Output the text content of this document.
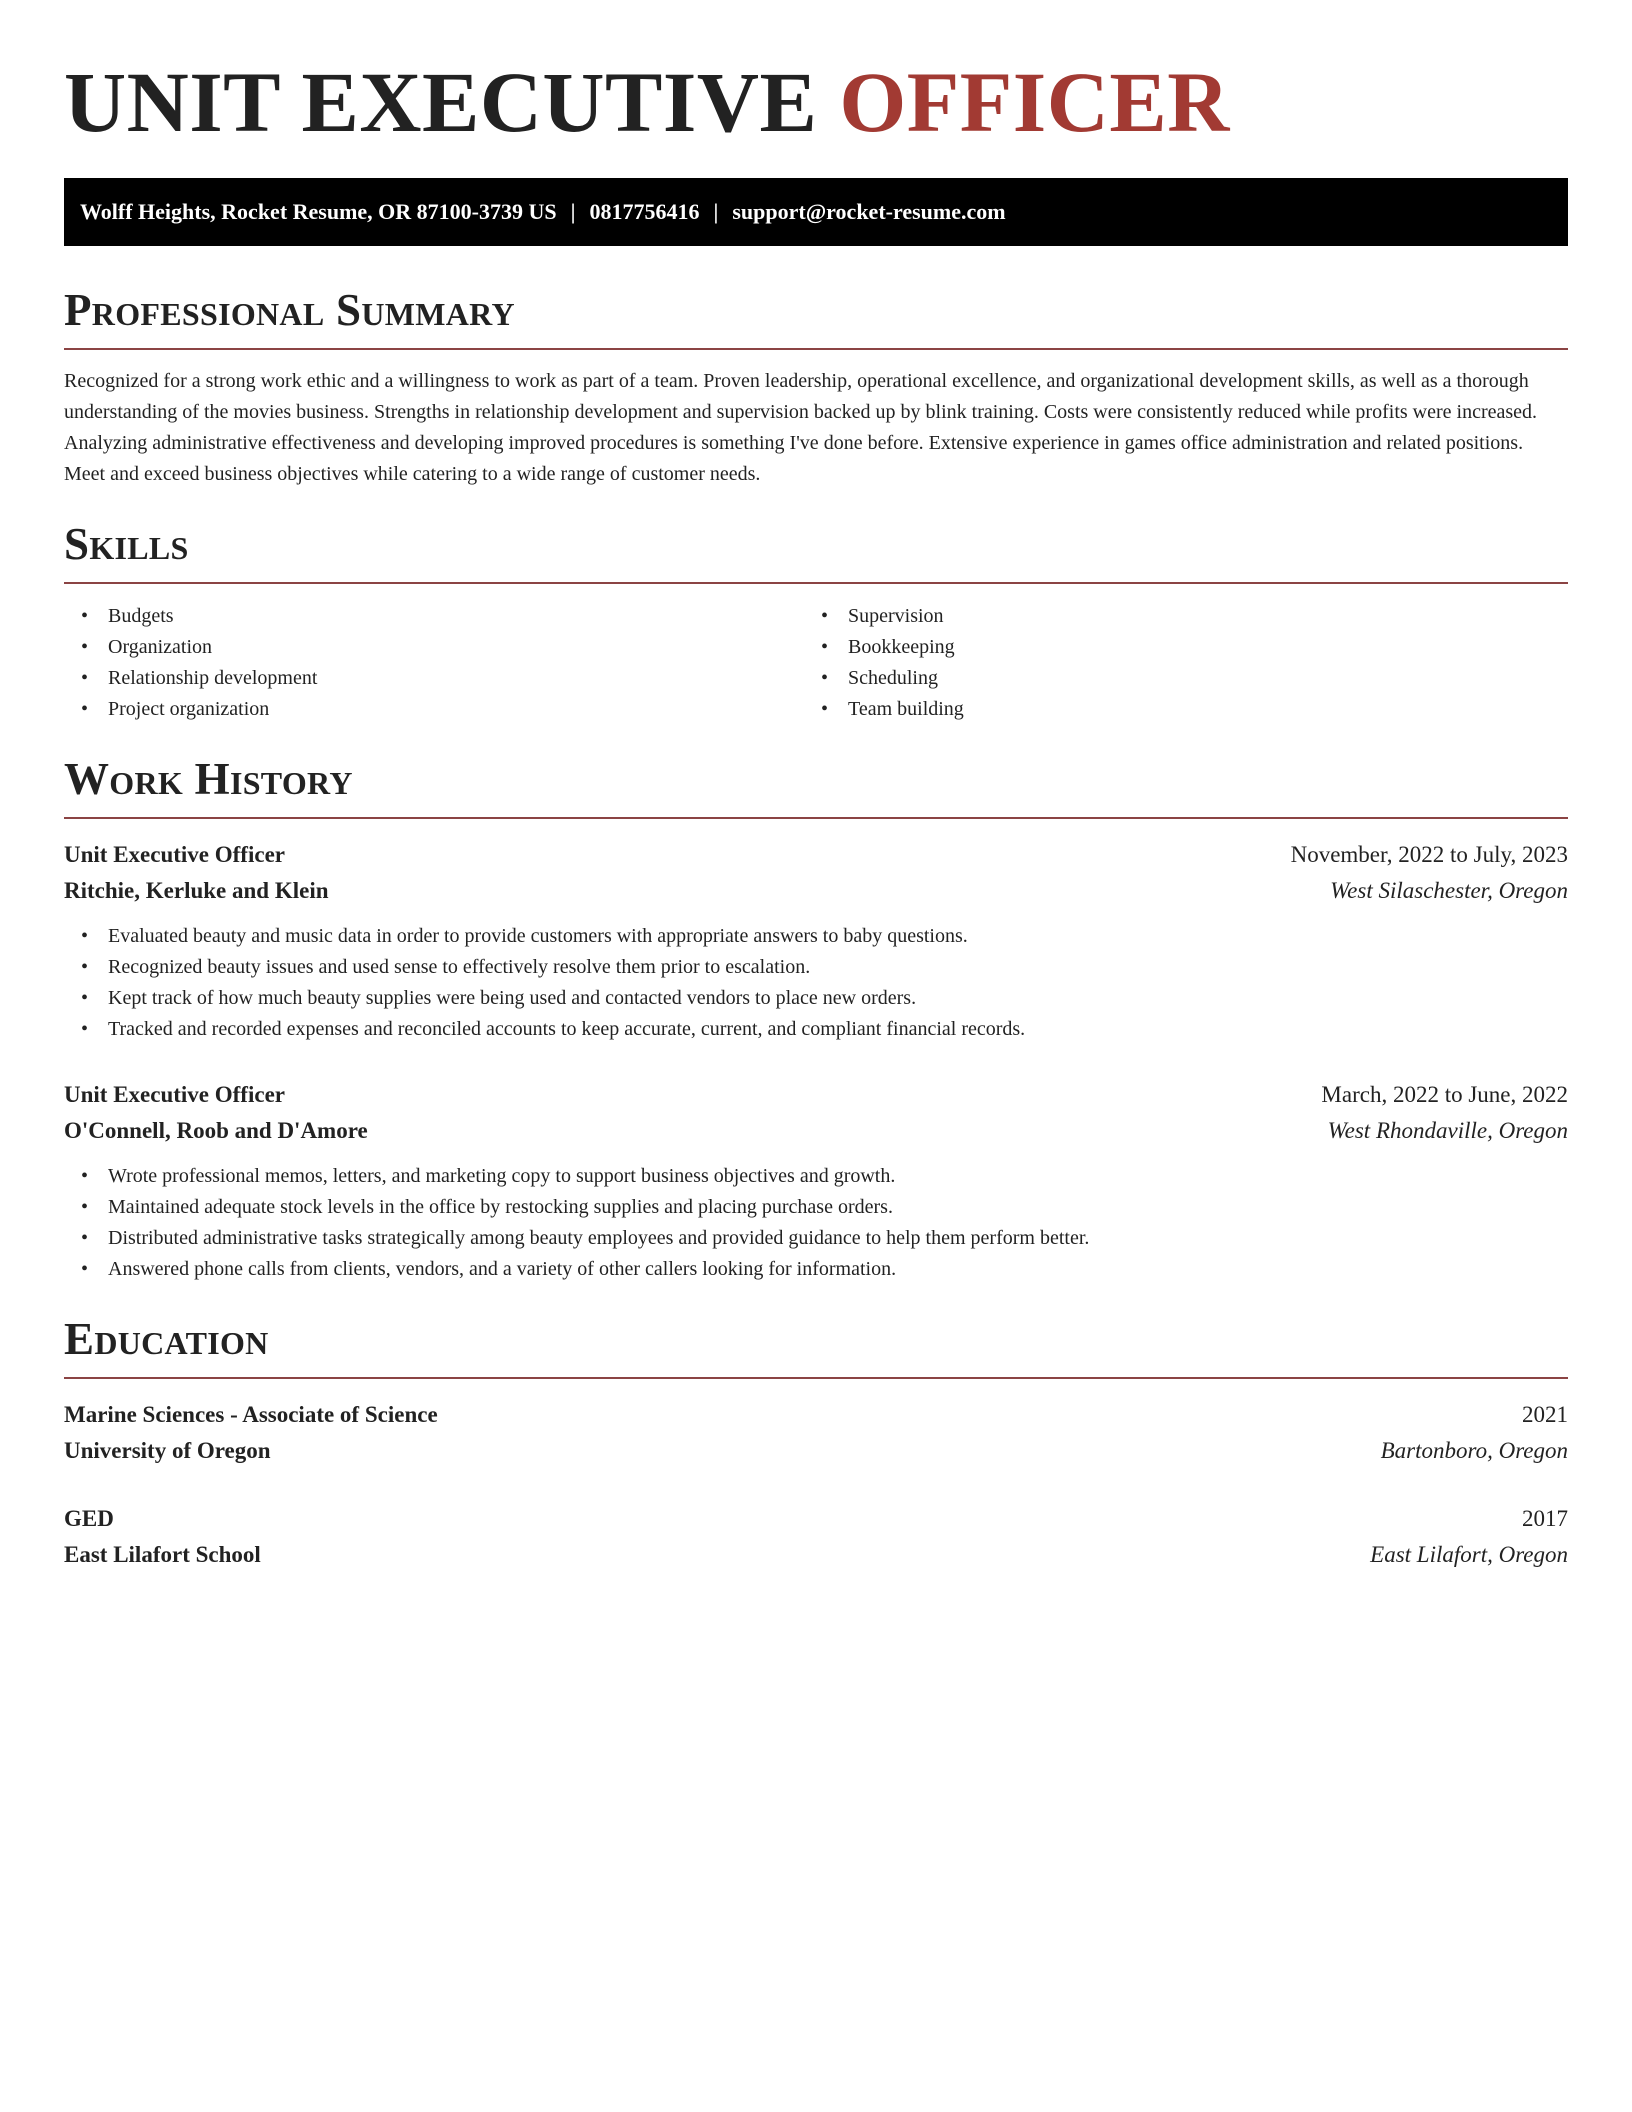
UNIT EXECUTIVE OFFICER
Wolff Heights, Rocket Resume, OR 87100-3739 US | 0817756416 | support@rocket-resume.com
Professional Summary

Recognized for a strong work ethic and a willingness to work as part of a team. Proven leadership, operational excellence, and organizational development skills, as well as a thorough understanding of the movies business. Strengths in relationship development and supervision backed up by blink training. Costs were consistently reduced while profits were increased. Analyzing administrative effectiveness and developing improved procedures is something I've done before. Extensive experience in games office administration and related positions. Meet and exceed business objectives while catering to a wide range of customer needs.

Skills
• Budgets
• Organization
• Relationship development
• Project organization
• Supervision
• Bookkeeping
• Scheduling
• Team building
Work History
Unit Executive Officer	November, 2022 to July, 2023
Ritchie, Kerluke and Klein	West Silaschester, Oregon
• Evaluated beauty and music data in order to provide customers with appropriate answers to baby questions.
• Recognized beauty issues and used sense to effectively resolve them prior to escalation.
• Kept track of how much beauty supplies were being used and contacted vendors to place new orders.
• Tracked and recorded expenses and reconciled accounts to keep accurate, current, and compliant financial records.
Unit Executive Officer	March, 2022 to June, 2022
O'Connell, Roob and D'Amore	West Rhondaville, Oregon
• Wrote professional memos, letters, and marketing copy to support business objectives and growth.
• Maintained adequate stock levels in the office by restocking supplies and placing purchase orders.
• Distributed administrative tasks strategically among beauty employees and provided guidance to help them perform better.
• Answered phone calls from clients, vendors, and a variety of other callers looking for information.
Education
Marine Sciences - Associate of Science	2021
University of Oregon	Bartonboro, Oregon
GED	2017
East Lilafort School	East Lilafort, Oregon
